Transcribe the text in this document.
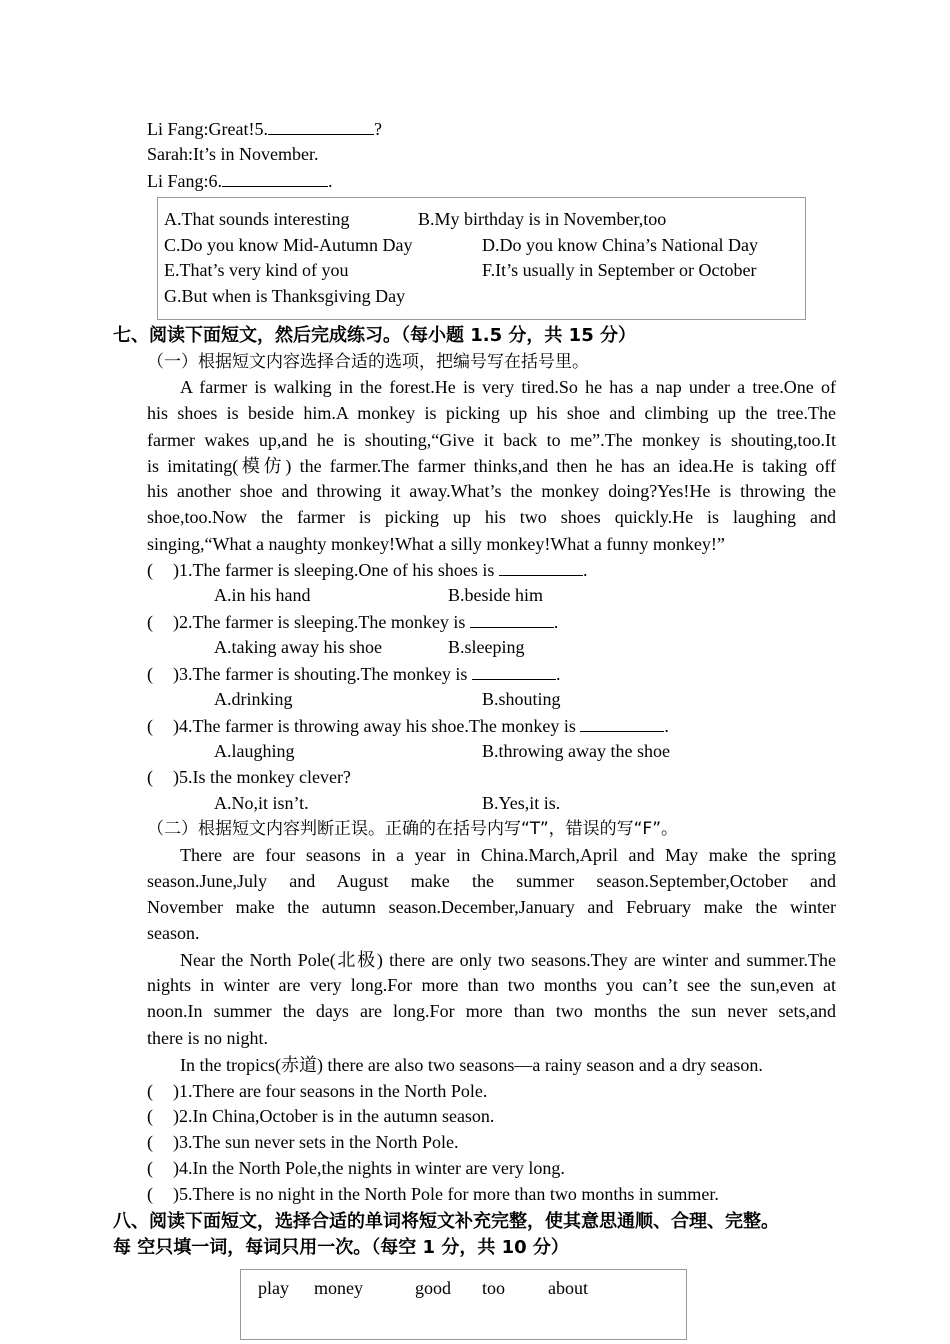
Li Fang:Great!5.	?
Sarah:It’s in November.
Li Fang:6.	.
A.That sounds interesting	B.My birthday is in November,too
C.Do you know Mid-Autumn Day	D.Do you know China’s National Day
E.That’s very kind of you	F.It’s usually in September or October
G.But when is Thanksgiving Day
七、阅读下面短文，然后完成练习。（每小题 1.5 分，共 15 分）
（一）根据短文内容选择合适的选项，把编号写在括号里。
A farmer is walking in the forest.He is very tired.So he has a nap under a tree.One of
his shoes is beside him.A monkey is picking up his shoe and climbing up the tree.The
farmer wakes up,and he is shouting,“Give it back to me”.The monkey is shouting,too.It
is imitating(模仿) the farmer.The farmer thinks,and then he has an idea.He is taking off
his another shoe and throwing it away.What’s the monkey doing?Yes!He is throwing the
shoe,too.Now the farmer is picking up his two shoes quickly.He is laughing and
singing,“What a naughty monkey!What a silly monkey!What a funny monkey!”
( )1.The farmer is sleeping.One of his shoes is	.
A.in his hand	B.beside him
( )2.The farmer is sleeping.The monkey is	.
A.taking away his shoe	B.sleeping
( )3.The farmer is shouting.The monkey is	.
A.drinking	B.shouting
( )4.The farmer is throwing away his shoe.The monkey is	.
A.laughing	B.throwing away the shoe
( )5.Is the monkey clever?
A.No,it isn’t.	B.Yes,it is.
（二）根据短文内容判断正误。正确的在括号内写“T”，错误的写“F”。
There are four seasons in a year in China.March,April and May make the spring
season.June,July and August make the summer season.September,October and
November make the autumn season.December,January and February make the winter
season.
Near the North Pole(北极) there are only two seasons.They are winter and summer.The
nights in winter are very long.For more than two months you can’t see the sun,even at
noon.In summer the days are long.For more than two months the sun never sets,and
there is no night.
In the tropics(赤道) there are also two seasons—a rainy season and a dry season.
( )1.There are four seasons in the North Pole.
( )2.In China,October is in the autumn season.
( )3.The sun never sets in the North Pole.
( )4.In the North Pole,the nights in winter are very long.
( )5.There is no night in the North Pole for more than two months in summer.
八、阅读下面短文，选择合适的单词将短文补充完整，使其意思通顺、合理、完整。
每 空只填一词，每词只用一次。（每空 1 分，共 10 分）
play money	good too about
